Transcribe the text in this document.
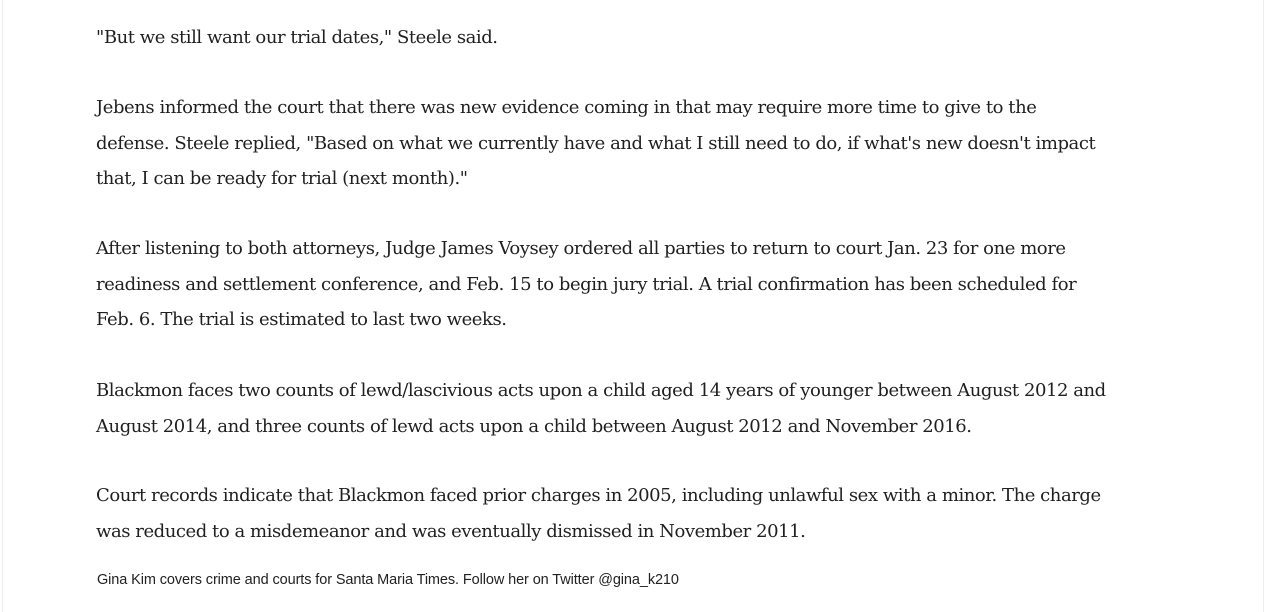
"But we still want our trial dates," Steele said.

Jebens informed the court that there was new evidence coming in that may require more time to give to the
defense. Steele replied, "Based on what we currently have and what I still need to do, if what's new doesn't impact
that, I can be ready for trial (next month)."

After listening to both attorneys, Judge James Voysey ordered all parties to return to court Jan. 23 for one more
readiness and settlement conference, and Feb. 15 to begin jury trial. A trial confirmation has been scheduled for
Feb. 6. The trial is estimated to last two weeks.

Blackmon faces two counts of lewd/lascivious acts upon a child aged 14 years of younger between August 2012 and
August 2014, and three counts of lewd acts upon a child between August 2012 and November 2016.

Court records indicate that Blackmon faced prior charges in 2005, including unlawful sex with a minor. The charge
was reduced to a misdemeanor and was eventually dismissed in November 2011.

Gina Kim covers crime and courts for Santa Maria Times. Follow her on Twitter @gina_k210
